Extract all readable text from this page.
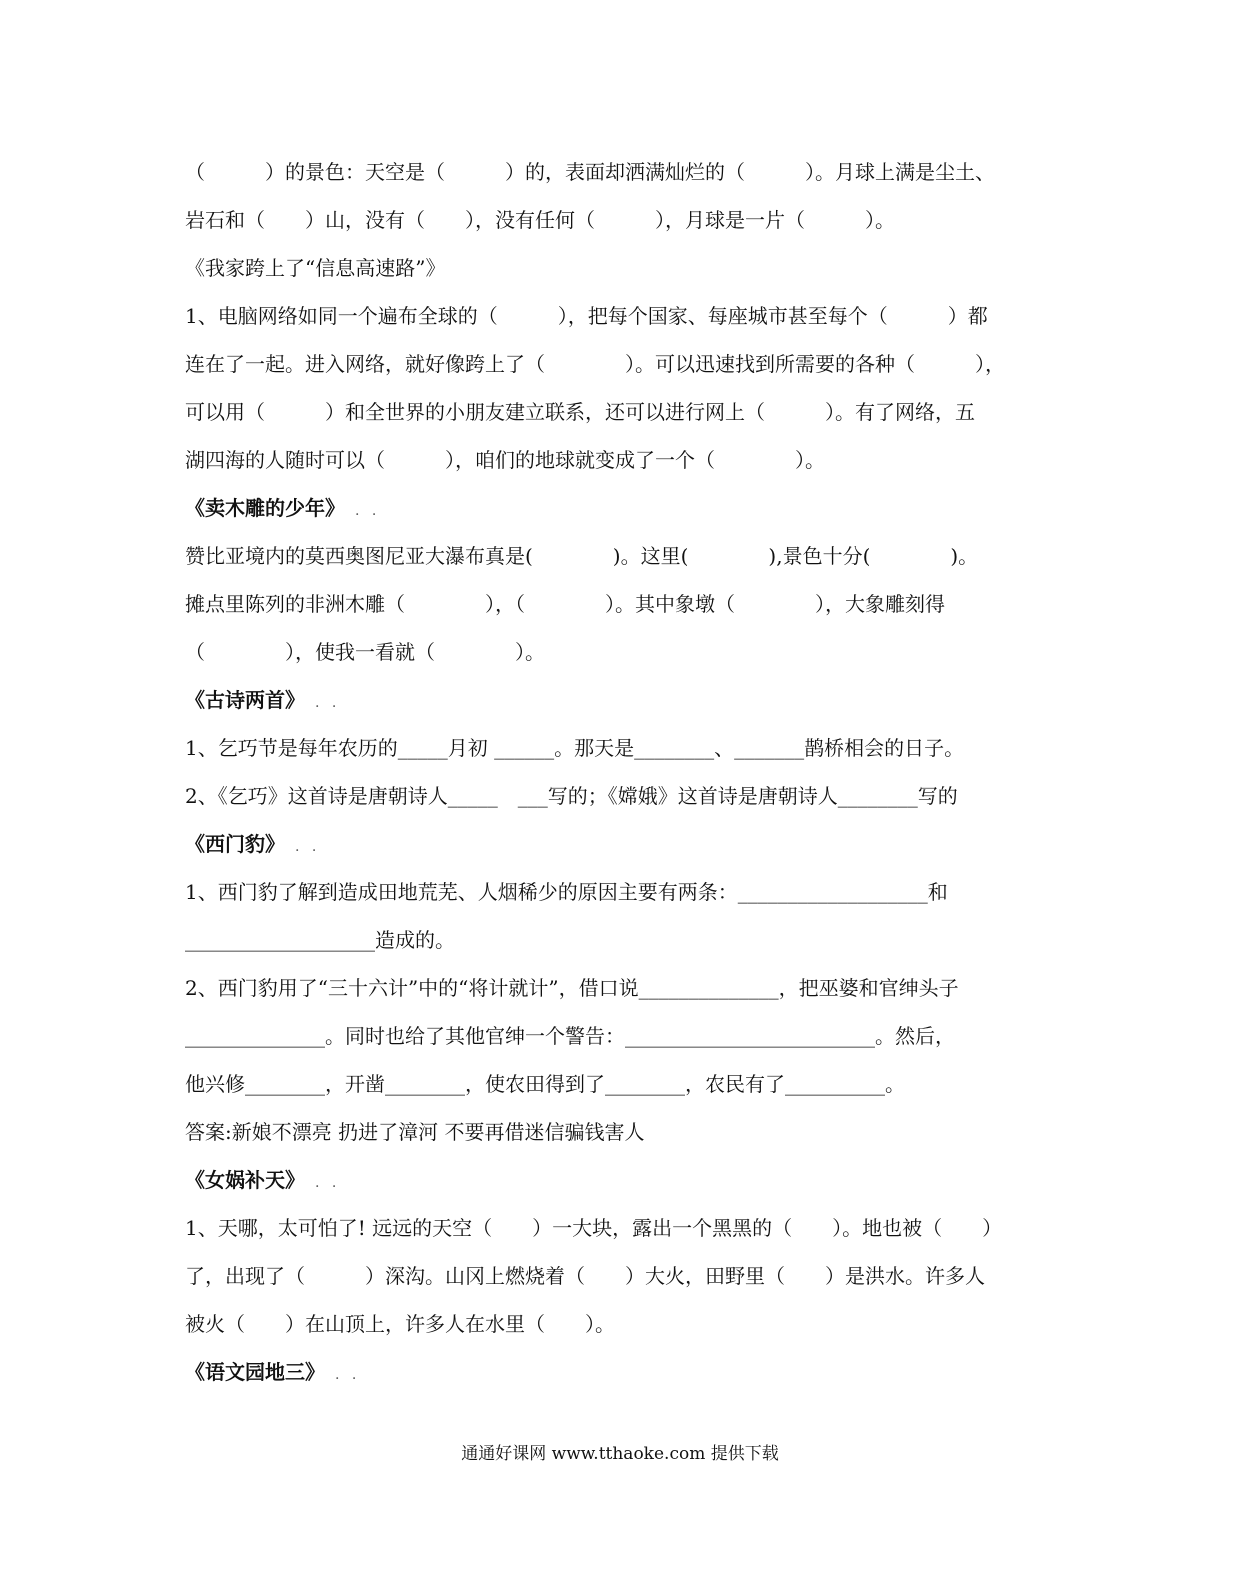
（　　　）的景色：天空是（　　　）的，表面却洒满灿烂的（　　　）。月球上满是尘土、
岩石和（　　）山，没有（　　），没有任何（　　　），月球是一片（　　　）。
《我家跨上了“信息高速路”》
1、电脑网络如同一个遍布全球的（　　　），把每个国家、每座城市甚至每个（　　　）都
连在了一起。进入网络，就好像跨上了（　　　　）。可以迅速找到所需要的各种（　　　），
可以用（　　　）和全世界的小朋友建立联系，还可以进行网上（　　　）。有了网络，五
湖四海的人随时可以（　　　），咱们的地球就变成了一个（　　　　）。
《卖木雕的少年》 . .
赞比亚境内的莫西奥图尼亚大瀑布真是(　　　　)。这里(　　　　),景色十分(　　　　)。
摊点里陈列的非洲木雕（　　　　），（　　　　）。其中象墩（　　　　），大象雕刻得
（　　　　），使我一看就（　　　　）。
《古诗两首》 . .
1、乞巧节是每年农历的_____月初 ______。那天是________、_______鹊桥相会的日子。
2、《乞巧》这首诗是唐朝诗人_____　___写的；《嫦娥》这首诗是唐朝诗人________写的
《西门豹》 . .
1、西门豹了解到造成田地荒芜、人烟稀少的原因主要有两条：___________________和
___________________造成的。
2、西门豹用了“三十六计”中的“将计就计”，借口说______________，把巫婆和官绅头子
______________。同时也给了其他官绅一个警告：_________________________。然后，
他兴修________，开凿________，使农田得到了________，农民有了__________。
答案:新娘不漂亮 扔进了漳河 不要再借迷信骗钱害人
《女娲补天》 . .
1、天哪，太可怕了! 远远的天空（　　）一大块，露出一个黑黑的（　　）。地也被（　　）
了，出现了（　　　）深沟。山冈上燃烧着（　　）大火，田野里（　　）是洪水。许多人
被火（　　）在山顶上，许多人在水里（　　）。
《语文园地三》 . .
通通好课网 www.tthaoke.com 提供下载
